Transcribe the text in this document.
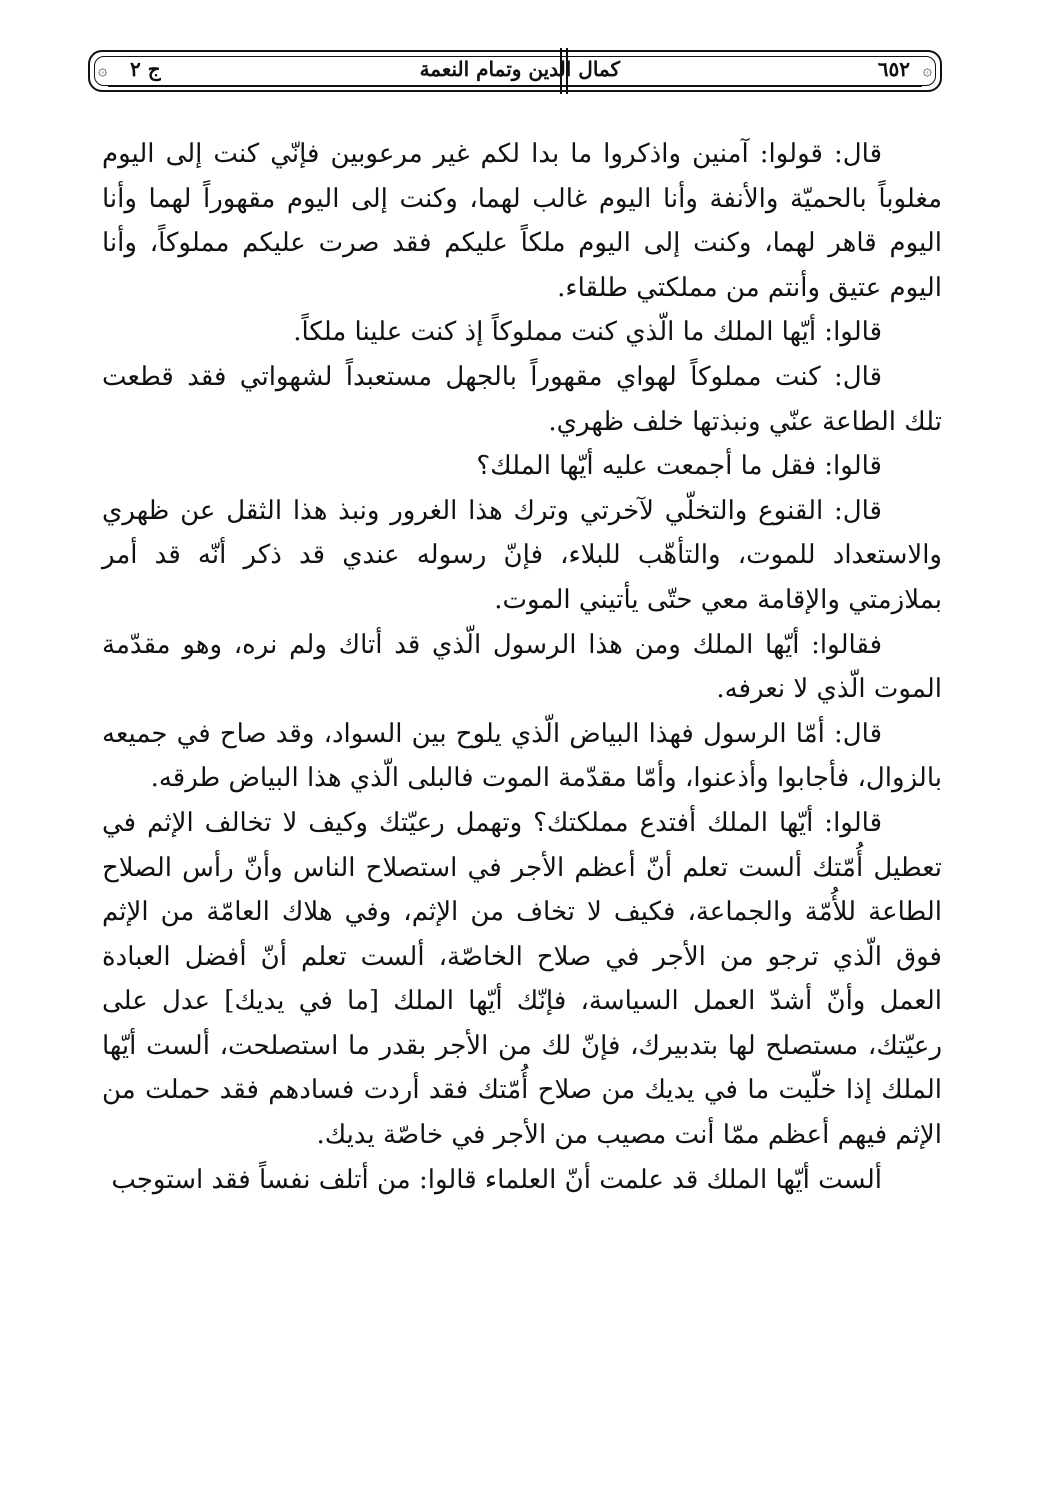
۞
٦٥٢
كمال الدين وتمام النعمة
ج ٢
۞

قال: قولوا: آمنين واذكروا ما بدا لكم غير مرعوبين فإنّي كنت إلى اليوم مغلوباً بالحميّة والأنفة وأنا اليوم غالب لهما، وكنت إلى اليوم مقهوراً لهما وأنا اليوم قاهر لهما، وكنت إلى اليوم ملكاً عليكم فقد صرت عليكم مملوكاً، وأنا اليوم عتيق وأنتم من مملكتي طلقاء.

قالوا: أيّها الملك ما الّذي كنت مملوكاً إذ كنت علينا ملكاً.

قال: كنت مملوكاً لهواي مقهوراً بالجهل مستعبداً لشهواتي فقد قطعت تلك الطاعة عنّي ونبذتها خلف ظهري.

قالوا: فقل ما أجمعت عليه أيّها الملك؟

قال: القنوع والتخلّي لآخرتي وترك هذا الغرور ونبذ هذا الثقل عن ظهري والاستعداد للموت، والتأهّب للبلاء، فإنّ رسوله عندي قد ذكر أنّه قد أمر بملازمتي والإقامة معي حتّى يأتيني الموت.

فقالوا: أيّها الملك ومن هذا الرسول الّذي قد أتاك ولم نره، وهو مقدّمة الموت الّذي لا نعرفه.

قال: أمّا الرسول فهذا البياض الّذي يلوح بين السواد، وقد صاح في جميعه بالزوال، فأجابوا وأذعنوا، وأمّا مقدّمة الموت فالبلى الّذي هذا البياض طرقه.

قالوا: أيّها الملك أفتدع مملكتك؟ وتهمل رعيّتك وكيف لا تخالف الإثم في تعطيل أُمّتك ألست تعلم أنّ أعظم الأجر في استصلاح الناس وأنّ رأس الصلاح الطاعة للأُمّة والجماعة، فكيف لا تخاف من الإثم، وفي هلاك العامّة من الإثم فوق الّذي ترجو من الأجر في صلاح الخاصّة، ألست تعلم أنّ أفضل العبادة العمل وأنّ أشدّ العمل السياسة، فإنّك أيّها الملك [ما في يديك] عدل على رعيّتك، مستصلح لها بتدبيرك، فإنّ لك من الأجر بقدر ما استصلحت، ألست أيّها الملك إذا خلّيت ما في يديك من صلاح أُمّتك فقد أردت فسادهم فقد حملت من الإثم فيهم أعظم ممّا أنت مصيب من الأجر في خاصّة يديك.

ألست أيّها الملك قد علمت أنّ العلماء قالوا: من أتلف نفساً فقد استوجب
